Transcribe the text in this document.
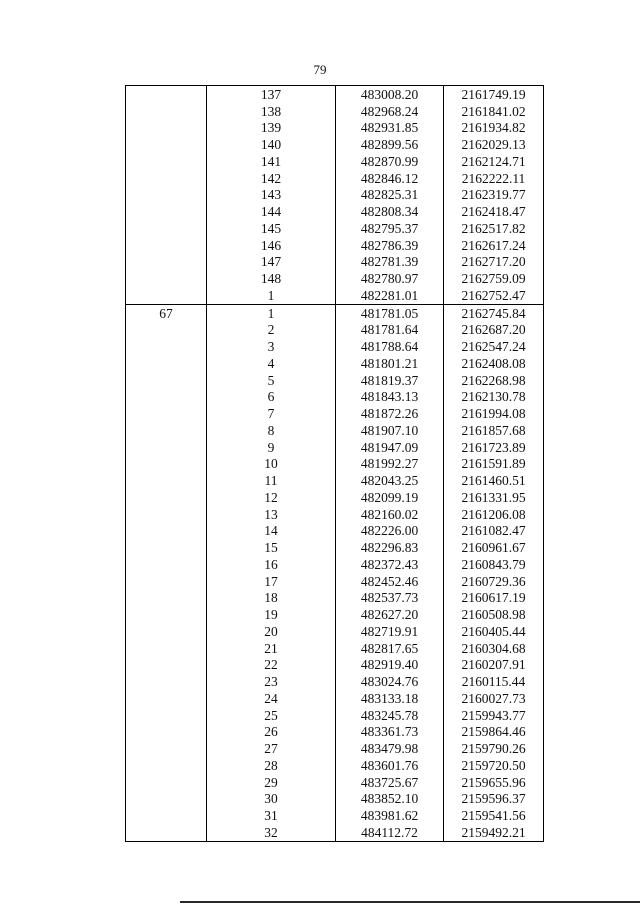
79
	137	483008.20	2161749.19
	138	482968.24	2161841.02
	139	482931.85	2161934.82
	140	482899.56	2162029.13
	141	482870.99	2162124.71
	142	482846.12	2162222.11
	143	482825.31	2162319.77
	144	482808.34	2162418.47
	145	482795.37	2162517.82
	146	482786.39	2162617.24
	147	482781.39	2162717.20
	148	482780.97	2162759.09
	1	482281.01	2162752.47
67	1	481781.05	2162745.84
	2	481781.64	2162687.20
	3	481788.64	2162547.24
	4	481801.21	2162408.08
	5	481819.37	2162268.98
	6	481843.13	2162130.78
	7	481872.26	2161994.08
	8	481907.10	2161857.68
	9	481947.09	2161723.89
	10	481992.27	2161591.89
	11	482043.25	2161460.51
	12	482099.19	2161331.95
	13	482160.02	2161206.08
	14	482226.00	2161082.47
	15	482296.83	2160961.67
	16	482372.43	2160843.79
	17	482452.46	2160729.36
	18	482537.73	2160617.19
	19	482627.20	2160508.98
	20	482719.91	2160405.44
	21	482817.65	2160304.68
	22	482919.40	2160207.91
	23	483024.76	2160115.44
	24	483133.18	2160027.73
	25	483245.78	2159943.77
	26	483361.73	2159864.46
	27	483479.98	2159790.26
	28	483601.76	2159720.50
	29	483725.67	2159655.96
	30	483852.10	2159596.37
	31	483981.62	2159541.56
	32	484112.72	2159492.21
